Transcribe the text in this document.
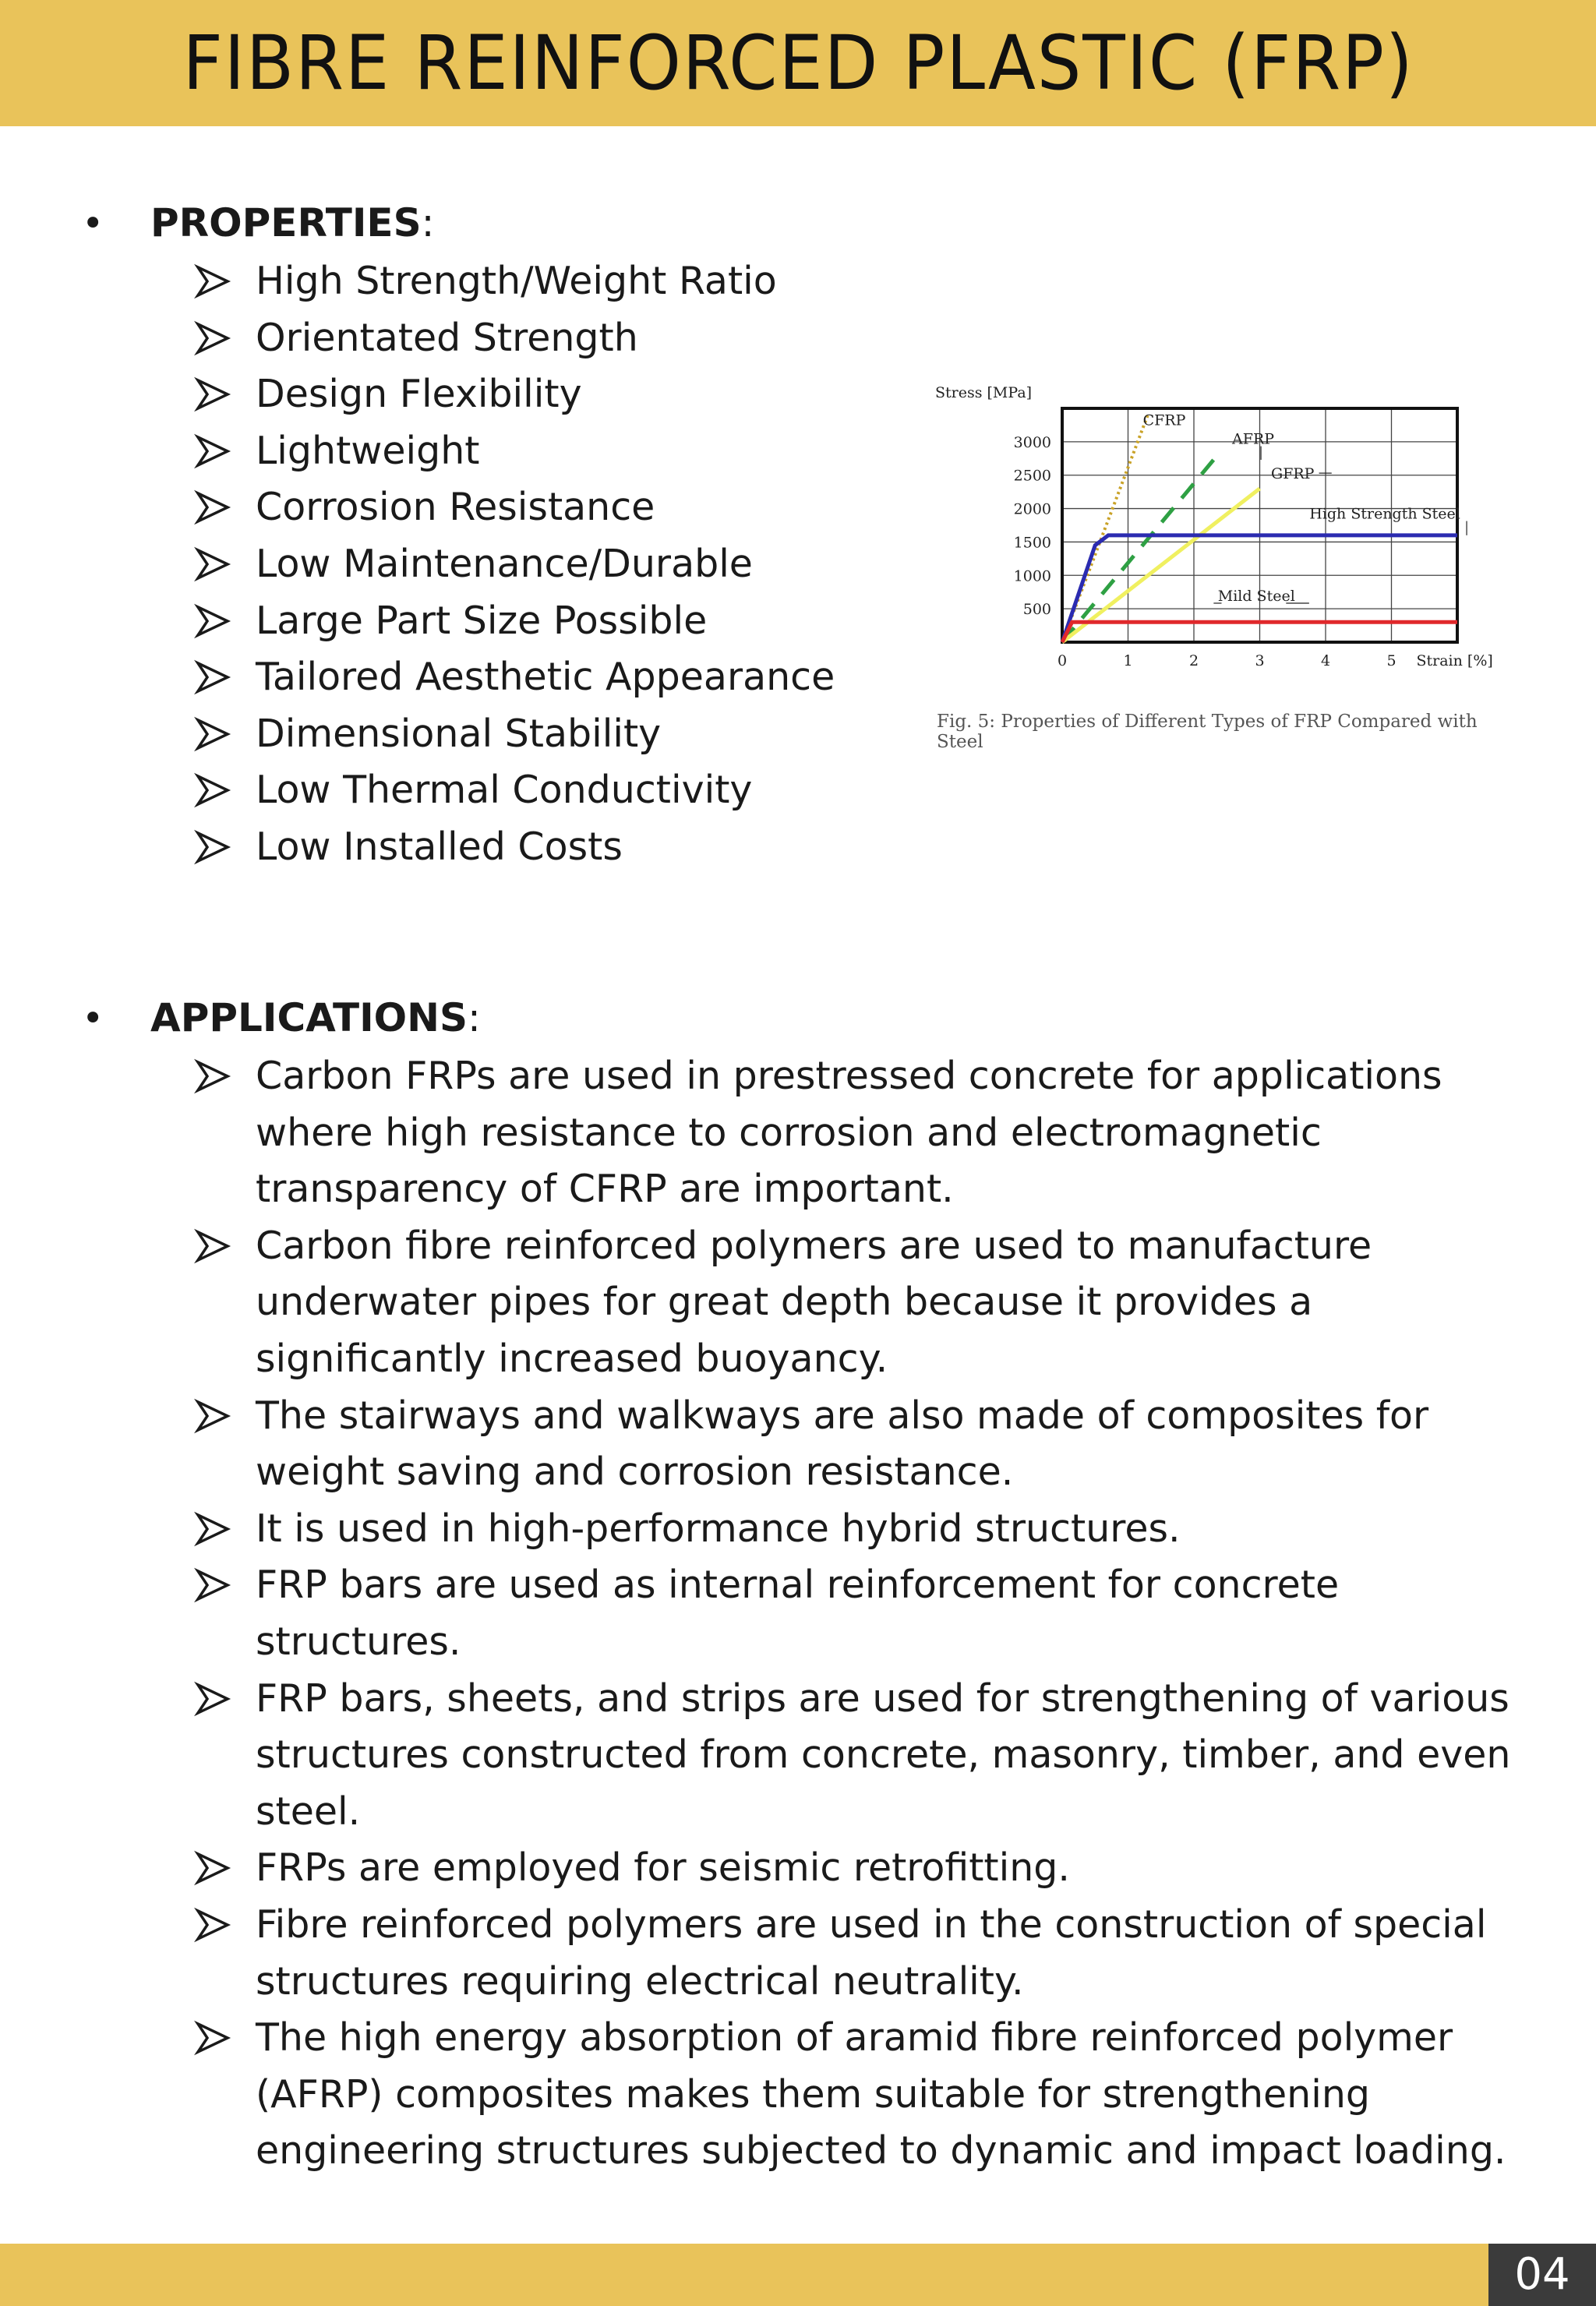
FIBRE REINFORCED PLASTIC (FRP)
• PROPERTIES:
High Strength/Weight Ratio
Orientated Strength
Design Flexibility
Lightweight
Corrosion Resistance
Low Maintenance/Durable
Large Part Size Possible
Tailored Aesthetic Appearance
Dimensional Stability
Low Thermal Conductivity
Low Installed Costs
0	1	2	3	4	5
500
1000
1500
2000
2500
3000
Stress [MPa]
Strain [%]
CFRP
AFRP
GFRP
High Strength Steel
Mild Steel
Fig. 5: Properties of Different Types of FRP Compared with Steel
• APPLICATIONS:
Carbon FRPs are used in prestressed concrete for applications where high resistance to corrosion and electromagnetic transparency of CFRP are important.
Carbon fibre reinforced polymers are used to manufacture underwater pipes for great depth because it provides a significantly increased buoyancy.
The stairways and walkways are also made of composites for weight saving and corrosion resistance.
It is used in high-performance hybrid structures.
FRP bars are used as internal reinforcement for concrete structures.
FRP bars, sheets, and strips are used for strengthening of various structures constructed from concrete, masonry, timber, and even steel.
FRPs are employed for seismic retrofitting.
Fibre reinforced polymers are used in the construction of special structures requiring electrical neutrality.
The high energy absorption of aramid fibre reinforced polymer (AFRP) composites makes them suitable for strengthening engineering structures subjected to dynamic and impact loading.
04
